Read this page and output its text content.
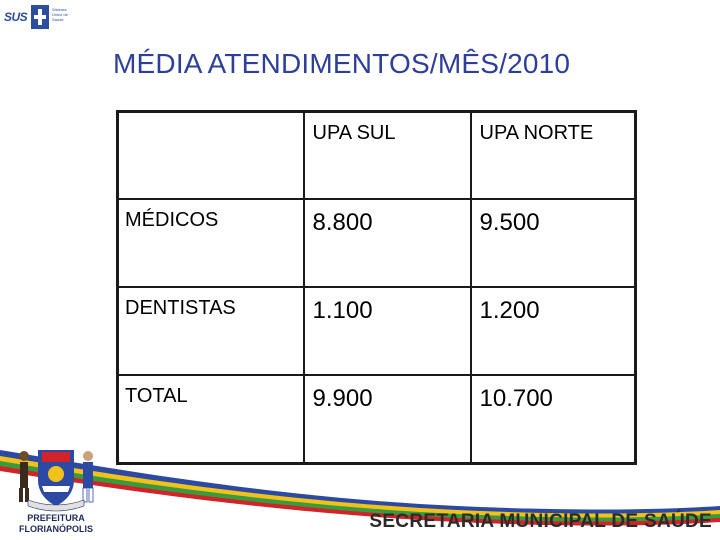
SUS
Sistema Único de Saúde
MÉDIA ATENDIMENTOS/MÊS/2010
	UPA SUL	UPA NORTE
MÉDICOS	8.800	9.500
DENTISTAS	1.100	1.200
TOTAL	9.900	10.700
PREFEITURA
FLORIANÓPOLIS	SECRETARIA MUNICIPAL DE SAÚDE
